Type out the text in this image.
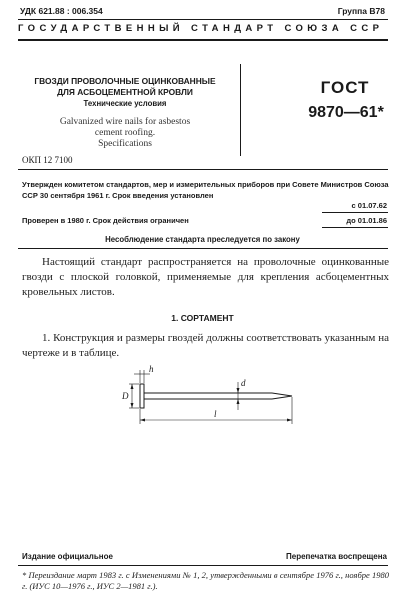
УДК 621.88 : 006.354	Группа В78
ГОСУДАРСТВЕННЫЙ СТАНДАРТ СОЮЗА ССР
ГВОЗДИ ПРОВОЛОЧНЫЕ ОЦИНКОВАННЫЕ
ДЛЯ АСБОЦЕМЕНТНОЙ КРОВЛИ
Технические условия
Galvanized wire nails for asbestos
cement roofing.
Specifications
ГОСТ
9870—61*
ОКП 12 7100
Утвержден комитетом стандартов, мер и измерительных приборов при Совете Министров Союза ССР 30 сентября 1961 г. Срок введения установлен
с 01.07.62
Проверен в 1980 г. Срок действия ограничен	до 01.01.86
Несоблюдение стандарта преследуется по закону
Настоящий стандарт распространяется на проволочные оцинкованные гвозди с плоской головкой, применяемые для крепления асбоцементных кровельных листов.
1. СОРТАМЕНТ
1. Конструкция и размеры гвоздей должны соответствовать указанным на чертеже и в таблице.
h
D
d
l
Издание официальное	Перепечатка воспрещена
* Переиздание март 1983 г. с Изменениями № 1, 2, утвержденными в сентябре 1976 г., ноябре 1980 г. (ИУС 10—1976 г., ИУС 2—1981 г.).
